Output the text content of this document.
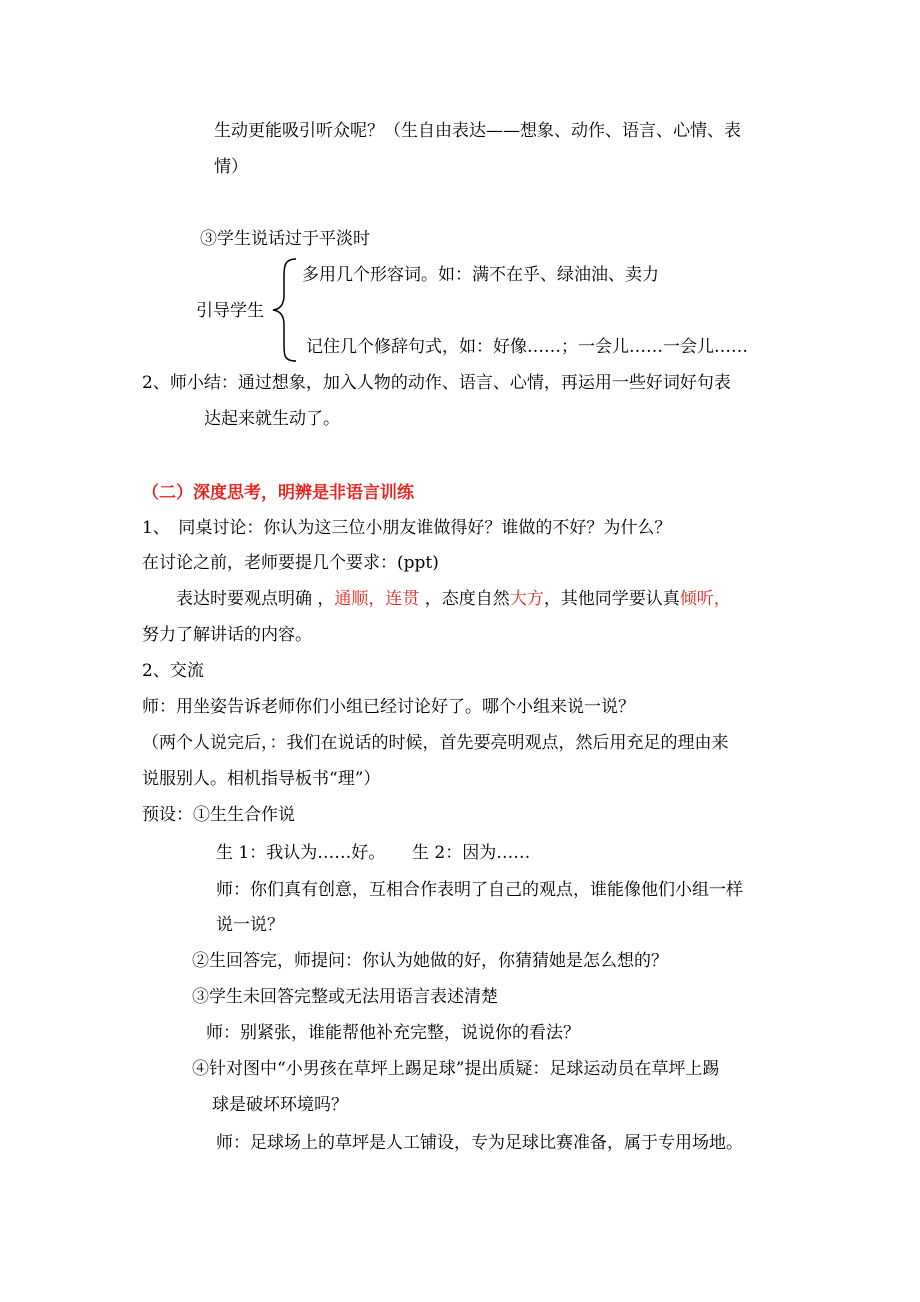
生动更能吸引听众呢？（生自由表达——想象、动作、语言、心情、表
情）
③学生说话过于平淡时
引导学生
多用几个形容词。如：满不在乎、绿油油、卖力
记住几个修辞句式，如：好像……；一会儿……一会儿……
2、师小结：通过想象，加入人物的动作、语言、心情，再运用一些好词好句表
达起来就生动了。
（二）深度思考，明辨是非语言训练
1、　同桌讨论：你认为这三位小朋友谁做得好？谁做的不好？为什么？
在讨论之前，老师要提几个要求：(ppt)
表达时要观点明确 ，通顺，连贯 ，态度自然大方，其他同学要认真倾听，
努力了解讲话的内容。
2、交流
师：用坐姿告诉老师你们小组已经讨论好了。哪个小组来说一说？
（两个人说完后，：我们在说话的时候，首先要亮明观点，然后用充足的理由来
说服别人。相机指导板书“理”）
预设：①生生合作说
生 1：我认为……好。 生 2：因为……
师：你们真有创意，互相合作表明了自己的观点，谁能像他们小组一样
说一说？
②生回答完，师提问：你认为她做的好，你猜猜她是怎么想的？
③学生未回答完整或无法用语言表述清楚
师：别紧张，谁能帮他补充完整，说说你的看法？
④针对图中“小男孩在草坪上踢足球”提出质疑：足球运动员在草坪上踢
球是破坏环境吗？
师：足球场上的草坪是人工铺设，专为足球比赛准备，属于专用场地。
